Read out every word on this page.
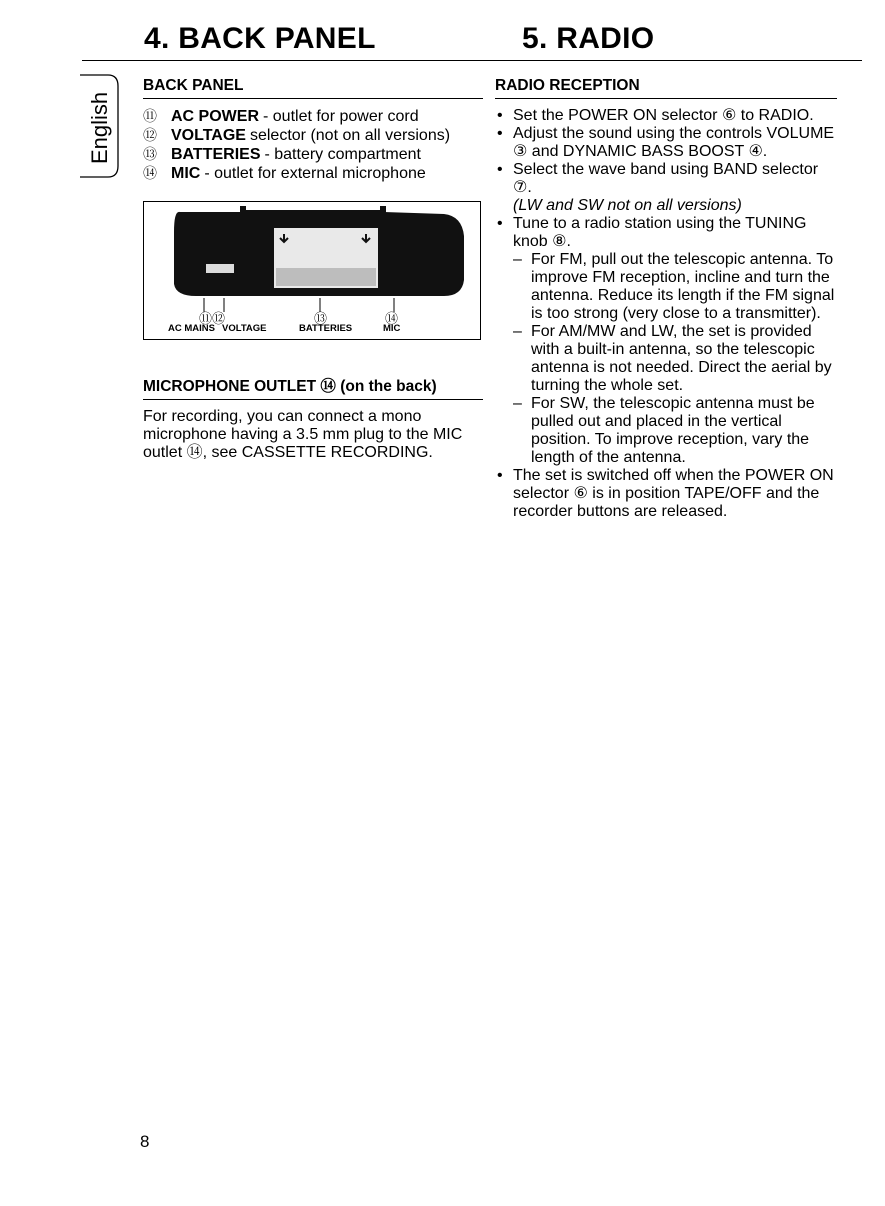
4. BACK PANEL	5. RADIO
English
BACK PANEL
⑪ AC POWER - outlet for power cord
⑫ VOLTAGE selector (not on all versions)
⑬ BATTERIES - battery compartment
⑭ MIC - outlet for external microphone
⑪⑫	⑬	⑭
AC MAINS VOLTAGE	BATTERIES	MIC
MICROPHONE OUTLET ⑭ (on the back)
For recording, you can connect a mono microphone having a 3.5 mm plug to the MIC outlet ⑭, see CASSETTE RECORDING.
RADIO RECEPTION
• Set the POWER ON selector ⑥ to RADIO.
• Adjust the sound using the controls VOLUME ③ and DYNAMIC BASS BOOST ④.
• Select the wave band using BAND selector ⑦.
(LW and SW not on all versions)
• Tune to a radio station using the TUNING knob ⑧.
– For FM, pull out the telescopic antenna. To improve FM reception, incline and turn the antenna. Reduce its length if the FM signal is too strong (very close to a transmitter).
– For AM/MW and LW, the set is provided with a built-in antenna, so the telescopic antenna is not needed. Direct the aerial by turning the whole set.
– For SW, the telescopic antenna must be pulled out and placed in the vertical position. To improve reception, vary the length of the antenna.
• The set is switched off when the POWER ON selector ⑥ is in position TAPE/OFF and the recorder buttons are released.
8
